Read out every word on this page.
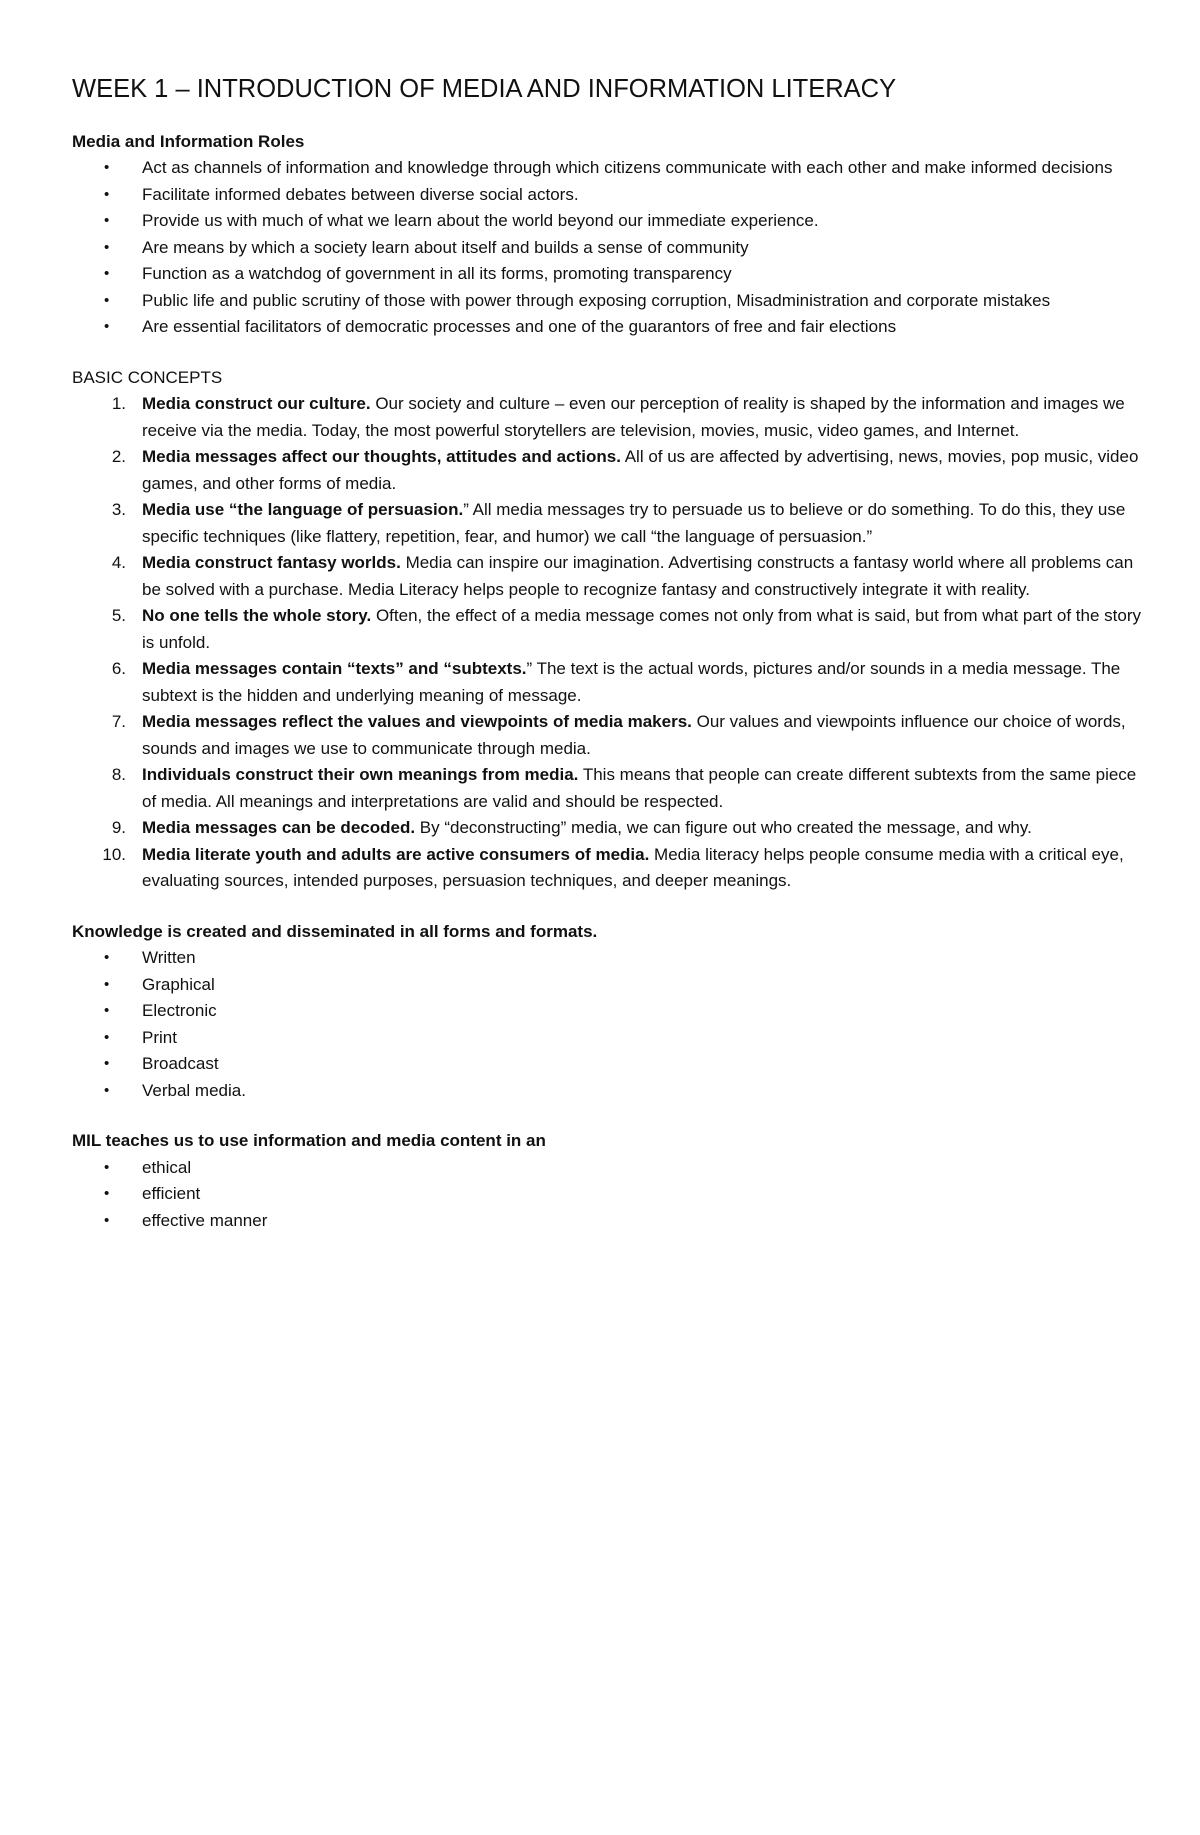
WEEK 1 – INTRODUCTION OF MEDIA AND INFORMATION LITERACY
Media and Information Roles
•	Act as channels of information and knowledge through which citizens communicate with each other and make informed decisions
•	Facilitate informed debates between diverse social actors.
•	Provide us with much of what we learn about the world beyond our immediate experience.
•	Are means by which a society learn about itself and builds a sense of community
•	Function as a watchdog of government in all its forms, promoting transparency
•	Public life and public scrutiny of those with power through exposing corruption, Misadministration and corporate mistakes
•	Are essential facilitators of democratic processes and one of the guarantors of free and fair elections
BASIC CONCEPTS
1. Media construct our culture. Our society and culture – even our perception of reality is shaped by the information and images we receive via the media. Today, the most powerful storytellers are television, movies, music, video games, and Internet.
2. Media messages affect our thoughts, attitudes and actions. All of us are affected by advertising, news, movies, pop music, video games, and other forms of media.
3. Media use “the language of persuasion.” All media messages try to persuade us to believe or do something. To do this, they use specific techniques (like flattery, repetition, fear, and humor) we call “the language of persuasion.”
4. Media construct fantasy worlds. Media can inspire our imagination. Advertising constructs a fantasy world where all problems can be solved with a purchase. Media Literacy helps people to recognize fantasy and constructively integrate it with reality.
5. No one tells the whole story. Often, the effect of a media message comes not only from what is said, but from what part of the story is unfold.
6. Media messages contain “texts” and “subtexts.” The text is the actual words, pictures and/or sounds in a media message. The subtext is the hidden and underlying meaning of message.
7. Media messages reflect the values and viewpoints of media makers. Our values and viewpoints influence our choice of words, sounds and images we use to communicate through media.
8. Individuals construct their own meanings from media. This means that people can create different subtexts from the same piece of media. All meanings and interpretations are valid and should be respected.
9. Media messages can be decoded. By “deconstructing” media, we can figure out who created the message, and why.
10. Media literate youth and adults are active consumers of media. Media literacy helps people consume media with a critical eye, evaluating sources, intended purposes, persuasion techniques, and deeper meanings.
Knowledge is created and disseminated in all forms and formats.
•	Written
•	Graphical
•	Electronic
•	Print
•	Broadcast
•	Verbal media.
MIL teaches us to use information and media content in an
•	ethical
•	efficient
•	effective manner
